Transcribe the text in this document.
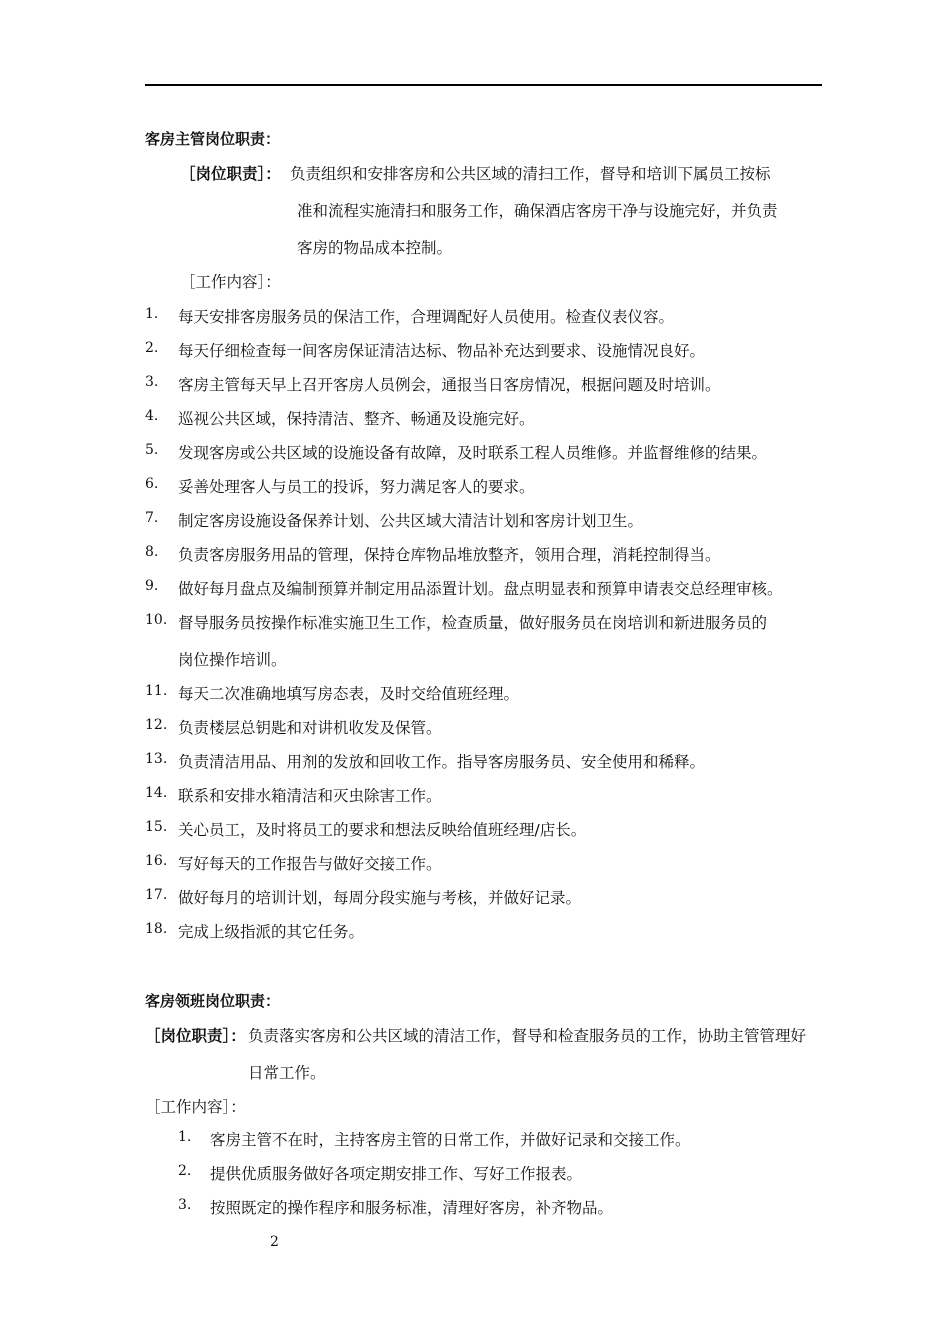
客房主管岗位职责：
［岗位职责］： 负责组织和安排客房和公共区域的清扫工作，督导和培训下属员工按标
准和流程实施清扫和服务工作，确保酒店客房干净与设施完好，并负责
客房的物品成本控制。
［工作内容］：
1. 每天安排客房服务员的保洁工作，合理调配好人员使用。检查仪表仪容。
2. 每天仔细检查每一间客房保证清洁达标、物品补充达到要求、设施情况良好。
3. 客房主管每天早上召开客房人员例会，通报当日客房情况，根据问题及时培训。
4. 巡视公共区域，保持清洁、整齐、畅通及设施完好。
5. 发现客房或公共区域的设施设备有故障，及时联系工程人员维修。并监督维修的结果。
6. 妥善处理客人与员工的投诉，努力满足客人的要求。
7. 制定客房设施设备保养计划、公共区域大清洁计划和客房计划卫生。
8. 负责客房服务用品的管理，保持仓库物品堆放整齐，领用合理，消耗控制得当。
9. 做好每月盘点及编制预算并制定用品添置计划。盘点明显表和预算申请表交总经理审核。
10. 督导服务员按操作标准实施卫生工作，检查质量，做好服务员在岗培训和新进服务员的
岗位操作培训。
11. 每天二次准确地填写房态表，及时交给值班经理。
12. 负责楼层总钥匙和对讲机收发及保管。
13. 负责清洁用品、用剂的发放和回收工作。指导客房服务员、安全使用和稀释。
14. 联系和安排水箱清洁和灭虫除害工作。
15. 关心员工，及时将员工的要求和想法反映给值班经理/店长。
16. 写好每天的工作报告与做好交接工作。
17. 做好每月的培训计划，每周分段实施与考核，并做好记录。
18. 完成上级指派的其它任务。
客房领班岗位职责：
［岗位职责］： 负责落实客房和公共区域的清洁工作，督导和检查服务员的工作，协助主管管理好
日常工作。
［工作内容］：
1. 客房主管不在时，主持客房主管的日常工作，并做好记录和交接工作。
2. 提供优质服务做好各项定期安排工作、写好工作报表。
3. 按照既定的操作程序和服务标准，清理好客房，补齐物品。
2
